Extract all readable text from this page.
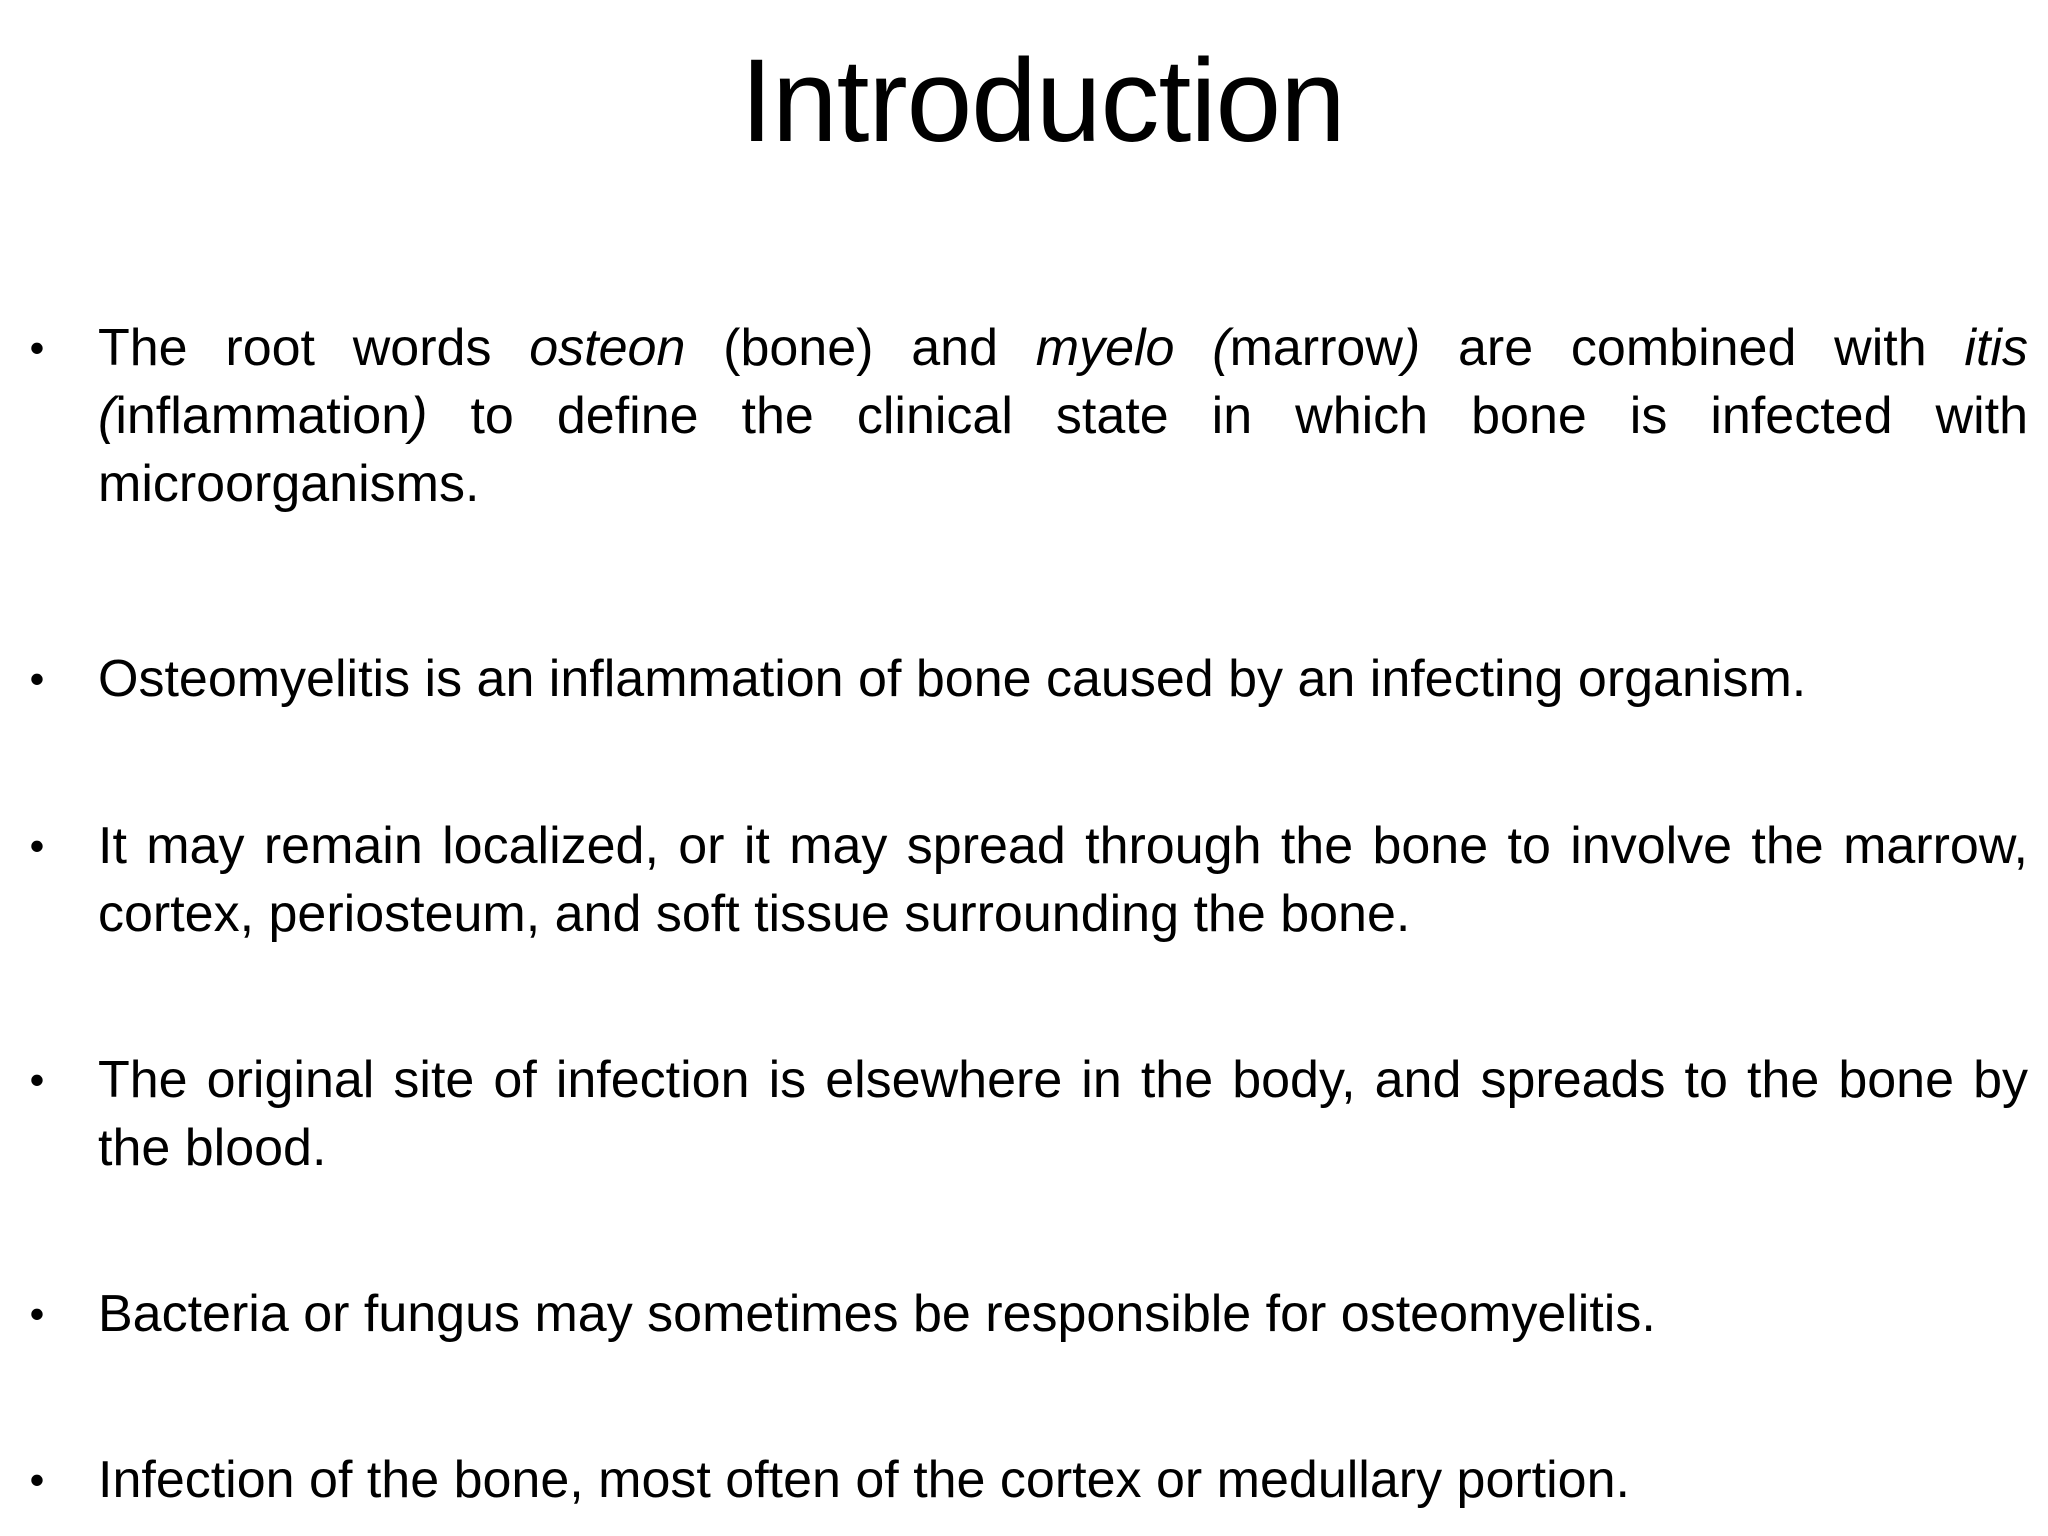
Introduction
• The root words osteon (bone) and myelo (marrow) are combined with itis (inflammation) to define the clinical state in which bone is infected with microorganisms.
• Osteomyelitis is an inflammation of bone caused by an infecting organism.
• It may remain localized, or it may spread through the bone to involve the marrow, cortex, periosteum, and soft tissue surrounding the bone.
• The original site of infection is elsewhere in the body, and spreads to the bone by the blood.
• Bacteria or fungus may sometimes be responsible for osteomyelitis.
• Infection of the bone, most often of the cortex or medullary portion.
